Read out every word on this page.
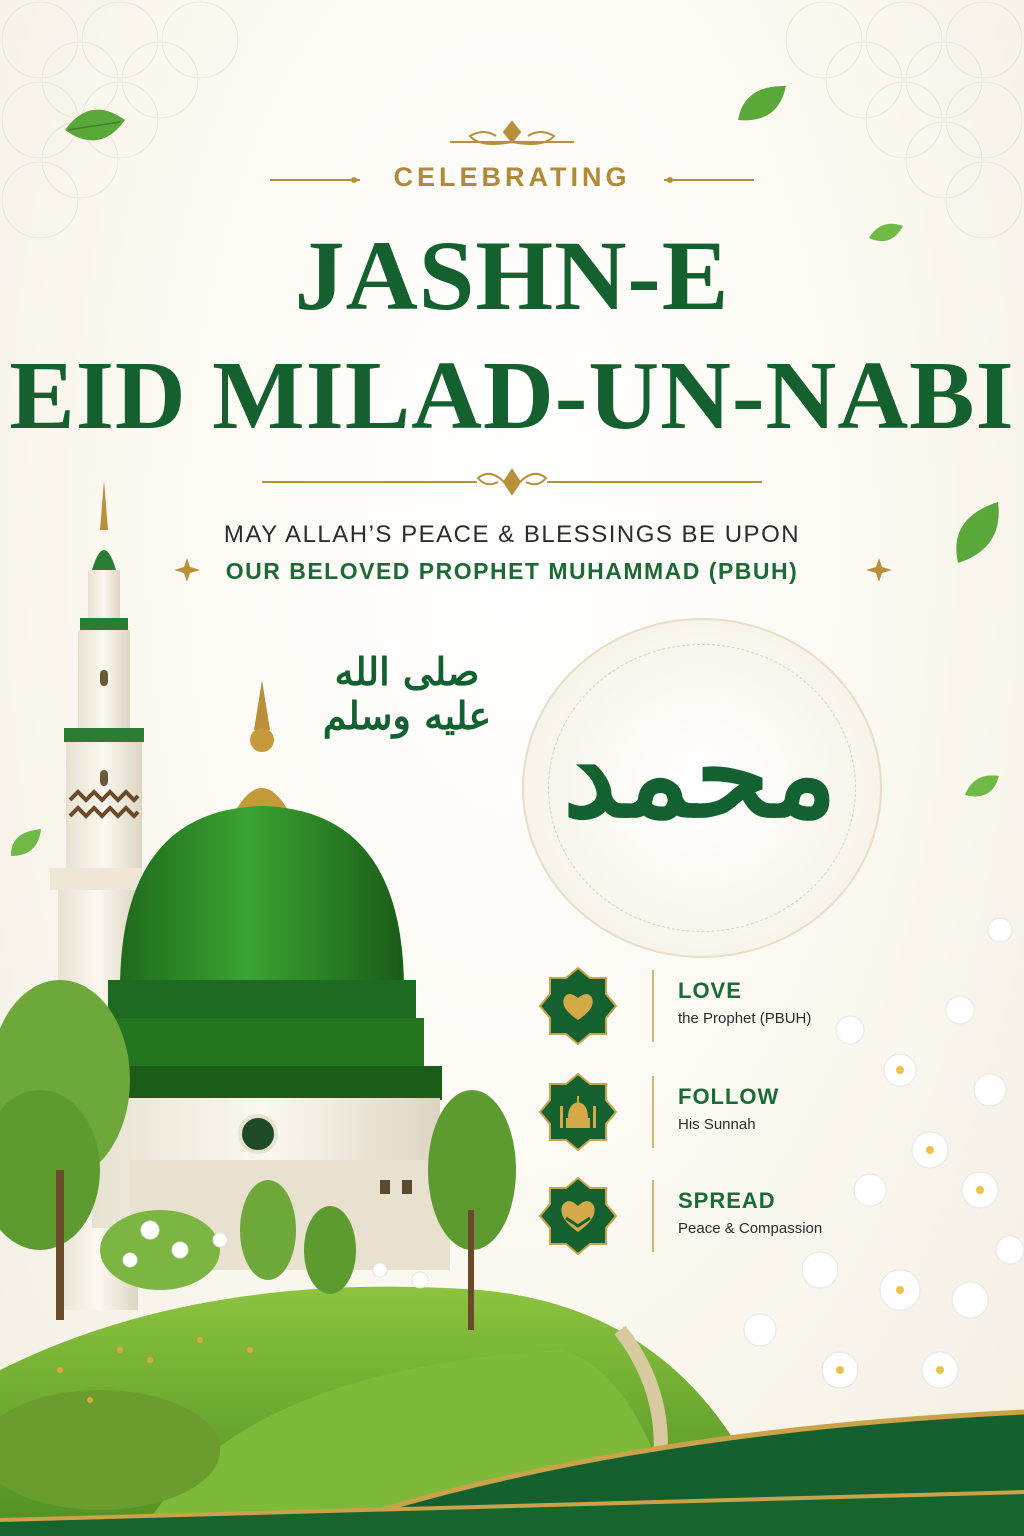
CELEBRATING
JASHN-E
EID MILAD-UN-NABI
MAY ALLAH’S PEACE & BLESSINGS BE UPON
OUR BELOVED PROPHET MUHAMMAD (PBUH)
صلى الله عليه وسلم محمد
LOVE
the Prophet (PBUH)
FOLLOW
His Sunnah
SPREAD
Peace & Compassion
